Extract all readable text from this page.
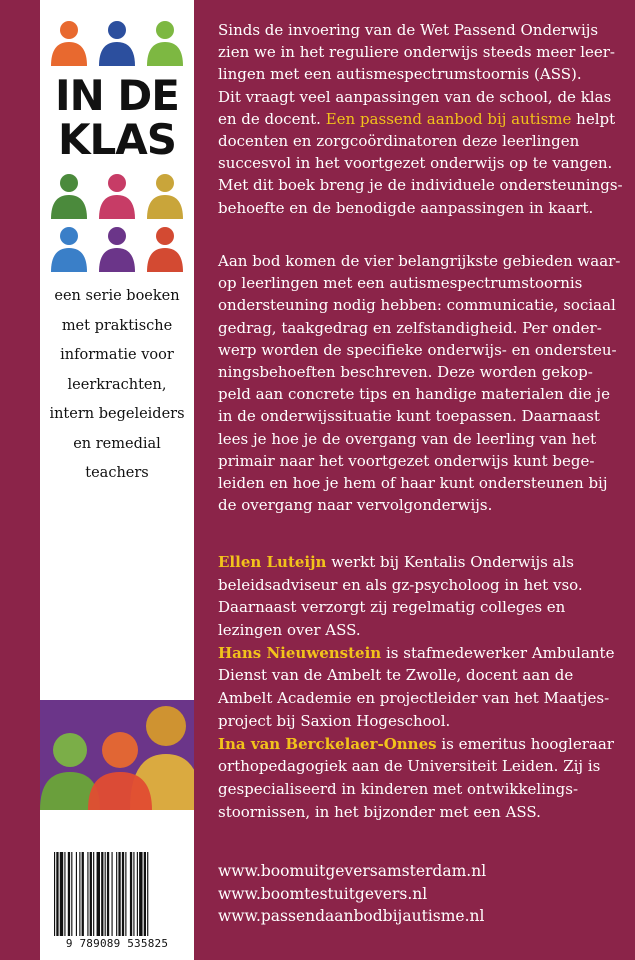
IN DE
KLAS
een serie boeken
met praktische
informatie voor
leerkrachten,
intern begeleiders
en remedial
teachers
9 789089 535825
Sinds de invoering van de Wet Passend Onderwijs
zien we in het reguliere onderwijs steeds meer leer-
lingen met een autismespectrumstoornis (ASS).
Dit vraagt veel aanpassingen van de school, de klas
en de docent. Een passend aanbod bij autisme helpt
docenten en zorgcoördinatoren deze leerlingen
succesvol in het voortgezet onderwijs op te vangen.
Met dit boek breng je de individuele ondersteunings-
behoefte en de benodigde aanpassingen in kaart.
Aan bod komen de vier belangrijkste gebieden waar-
op leerlingen met een autismespectrumstoornis
ondersteuning nodig hebben: communicatie, sociaal
gedrag, taakgedrag en zelfstandigheid. Per onder-
werp worden de specifieke onderwijs- en ondersteu-
ningsbehoeften beschreven. Deze worden gekop-
peld aan concrete tips en handige materialen die je
in de onderwijssituatie kunt toepassen. Daarnaast
lees je hoe je de overgang van de leerling van het
primair naar het voortgezet onderwijs kunt bege-
leiden en hoe je hem of haar kunt ondersteunen bij
de overgang naar vervolgonderwijs.
Ellen Luteijn werkt bij Kentalis Onderwijs als
beleidsadviseur en als gz-psycholoog in het vso.
Daarnaast verzorgt zij regelmatig colleges en
lezingen over ASS.
Hans Nieuwenstein is stafmedewerker Ambulante
Dienst van de Ambelt te Zwolle, docent aan de
Ambelt Academie en projectleider van het Maatjes-
project bij Saxion Hogeschool.
Ina van Berckelaer-Onnes is emeritus hoogleraar
orthopedagogiek aan de Universiteit Leiden. Zij is
gespecialiseerd in kinderen met ontwikkelings-
stoornissen, in het bijzonder met een ASS.
www.boomuitgeversamsterdam.nl
www.boomtestuitgevers.nl
www.passendaanbodbijautisme.nl
